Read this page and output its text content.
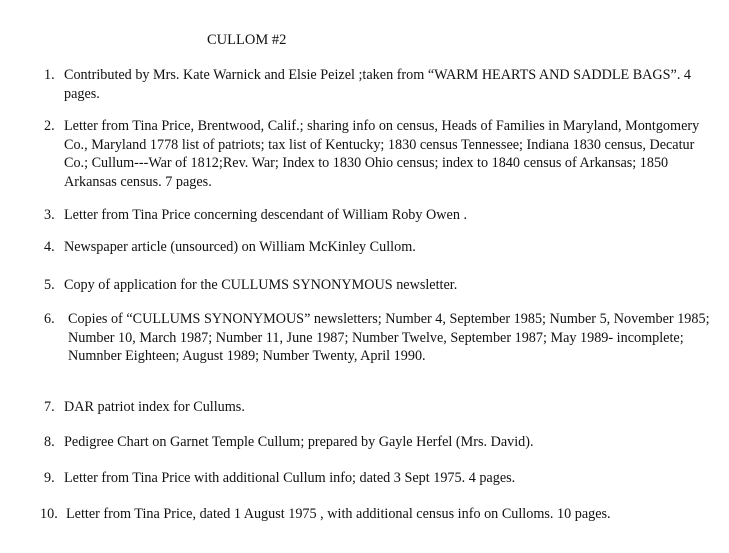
CULLOM #2
1. Contributed by Mrs. Kate Warnick and Elsie Peizel ;taken from “WARM HEARTS AND SADDLE BAGS”. 4 pages.
2. Letter from Tina Price, Brentwood, Calif.; sharing info on census, Heads of Families in Maryland, Montgomery Co., Maryland 1778 list of patriots; tax list of Kentucky; 1830 census Tennessee; Indiana 1830 census, Decatur Co.; Cullum---War of 1812;Rev. War; Index to 1830 Ohio census; index to 1840 census of Arkansas; 1850 Arkansas census. 7 pages.
3. Letter from Tina Price concerning descendant of William Roby Owen .
4. Newspaper article (unsourced) on William McKinley Cullom.
5. Copy of application for the CULLUMS SYNONYMOUS newsletter.
6. Copies of “CULLUMS SYNONYMOUS” newsletters; Number 4, September 1985; Number 5, November 1985; Number 10, March 1987; Number 11, June 1987; Number Twelve, September 1987; May 1989- incomplete; Numnber Eighteen; August 1989; Number Twenty, April 1990.
7. DAR patriot index for Cullums.
8. Pedigree Chart on Garnet Temple Cullum; prepared by Gayle Herfel (Mrs. David).
9. Letter from Tina Price with additional Cullum info; dated 3 Sept 1975. 4 pages.
10. Letter from Tina Price, dated 1 August 1975 , with additional census info on Culloms. 10 pages.
